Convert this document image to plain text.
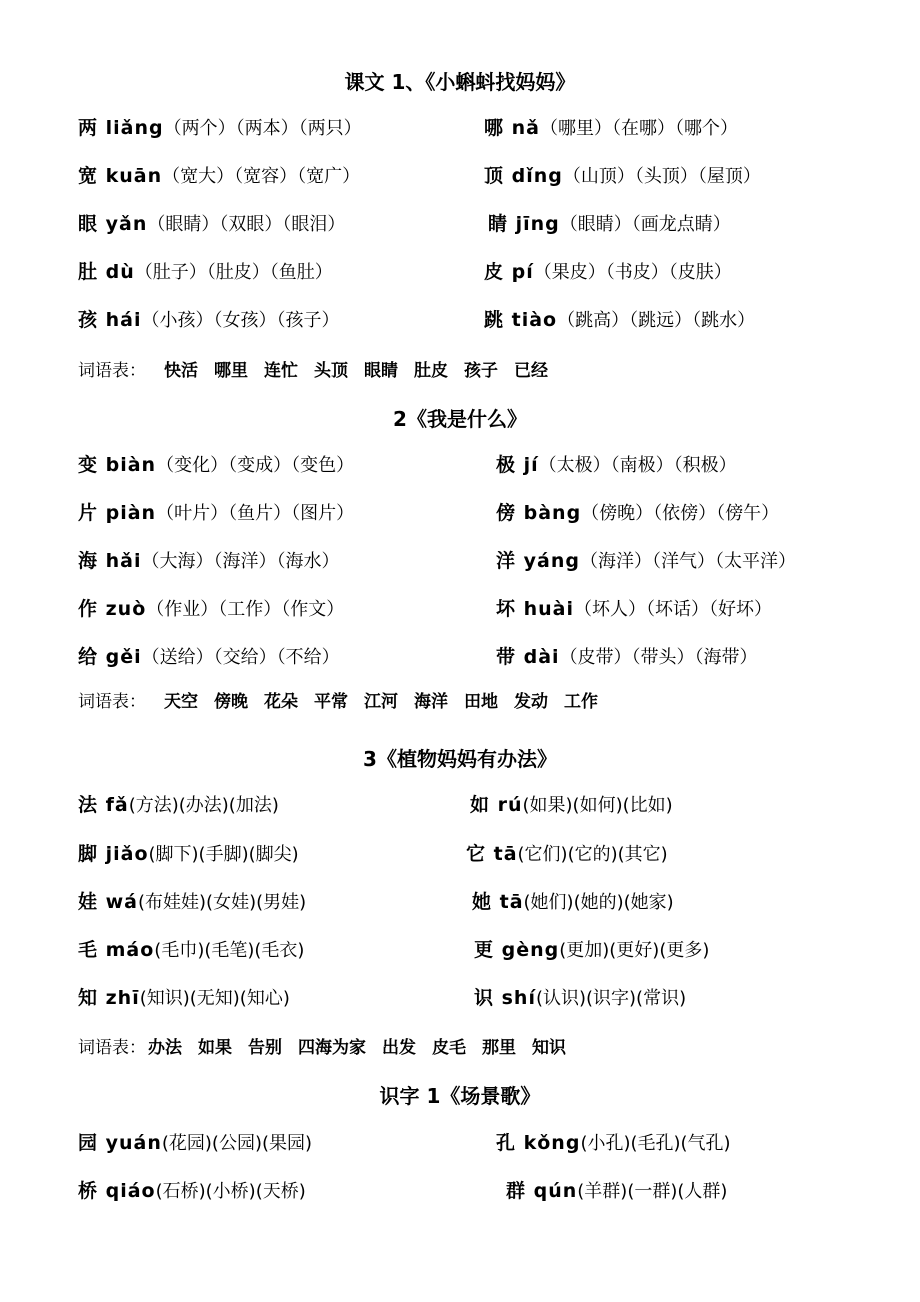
课文 1、《小蝌蚪找妈妈》
两 liǎng（两个）（两本）（两只）	哪 nǎ（哪里）（在哪）（哪个）
宽 kuān（宽大）（宽容）（宽广）	顶 dǐng（山顶）（头顶）（屋顶）
眼 yǎn（眼睛）（双眼）（眼泪）	睛 jīng（眼睛）（画龙点睛）
肚 dù（肚子）（肚皮）（鱼肚）	皮 pí（果皮）（书皮）（皮肤）
孩 hái（小孩）（女孩）（孩子）	跳 tiào（跳高）（跳远）（跳水）
词语表： 快活 哪里 连忙 头顶 眼睛 肚皮 孩子 已经
2《我是什么》
变 biàn（变化）（变成）（变色）	极 jí（太极）（南极）（积极）
片 piàn（叶片）（鱼片）（图片）	傍 bàng（傍晚）（依傍）（傍午）
海 hǎi（大海）（海洋）（海水）	洋 yáng（海洋）（洋气）（太平洋）
作 zuò（作业）（工作）（作文）	坏 huài（坏人）（坏话）（好坏）
给 gěi（送给）（交给）（不给）	带 dài（皮带）（带头）（海带）
词语表： 天空 傍晚 花朵 平常 江河 海洋 田地 发动 工作
3《植物妈妈有办法》
法 fǎ(方法)(办法)(加法)	如 rú(如果)(如何)(比如)
脚 jiǎo(脚下)(手脚)(脚尖)	它 tā(它们)(它的)(其它)
娃 wá(布娃娃)(女娃)(男娃)	她 tā(她们)(她的)(她家)
毛 máo(毛巾)(毛笔)(毛衣)	更 gèng(更加)(更好)(更多)
知 zhī(知识)(无知)(知心)	识 shí(认识)(识字)(常识)
词语表： 办法 如果 告别 四海为家 出发 皮毛 那里 知识
识字 1《场景歌》
园 yuán(花园)(公园)(果园)	孔 kǒng(小孔)(毛孔)(气孔)
桥 qiáo(石桥)(小桥)(天桥)	群 qún(羊群)(一群)(人群)
